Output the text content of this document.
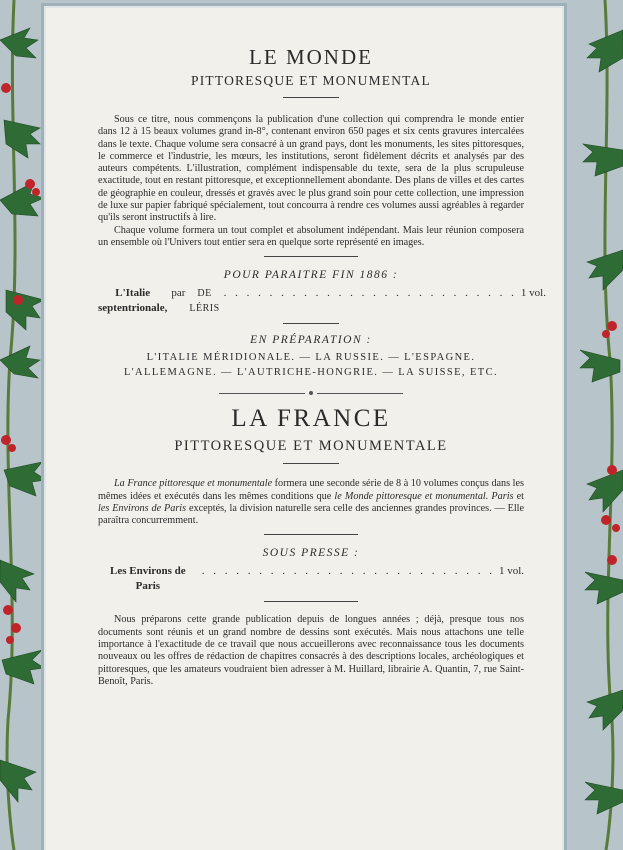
LE MONDE

PITTORESQUE ET MONUMENTAL

Sous ce titre, nous commençons la publication d'une collection qui comprendra le monde entier dans 12 à 15 beaux volumes grand in-8°, contenant environ 650 pages et six cents gravures intercalées dans le texte. Chaque volume sera consacré à un grand pays, dont les monuments, les sites pittoresques, le commerce et l'industrie, les mœurs, les institutions, seront fidèlement décrits et analysés par des auteurs compétents. L'illustration, complément indispensable du texte, sera de la plus scrupuleuse exactitude, tout en restant pittoresque, et exceptionnellement abondante. Des plans de villes et des cartes de géographie en couleur, dressés et gravés avec le plus grand soin pour cette collection, une impression de luxe sur papier fabriqué spécialement, tout concourra à rendre ces volumes aussi agréables à regarder qu'ils seront instructifs à lire.

Chaque volume formera un tout complet et absolument indépendant. Mais leur réunion composera un ensemble où l'Univers tout entier sera en quelque sorte représenté en images.

POUR PARAITRE FIN 1886 :

L'Italie septentrionale,
par	DE LÉRIS
. . . . . . . . . . . . . . . . . . . . . . . . . . 1 vol.

EN PRÉPARATION :

L'ITALIE MÉRIDIONALE. — LA RUSSIE. — L'ESPAGNE.

L'ALLEMAGNE. — L'AUTRICHE-HONGRIE. — LA SUISSE, ETC.

LA FRANCE

PITTORESQUE ET MONUMENTALE

La France pittoresque et monumentale formera une seconde série de 8 à 10 volumes conçus dans les mêmes idées et exécutés dans les mêmes conditions que le Monde pittoresque et monumental. Paris et les Environs de Paris exceptés, la division naturelle sera celle des anciennes grandes provinces. — Elle paraîtra concurremment.

SOUS PRESSE :

Les Environs de Paris
. . . . . . . . . . . . . . . . . . . . . . . . . . 1 vol.

Nous préparons cette grande publication depuis de longues années ; déjà, presque tous nos documents sont réunis et un grand nombre de dessins sont exécutés. Mais nous attachons une telle importance à l'exactitude de ce travail que nous accueillerons avec reconnaissance tous les documents nouveaux ou les offres de rédaction de chapitres consacrés à des descriptions locales, archéologiques et pittoresques, que les amateurs voudraient bien adresser à M. Huillard, librairie A. Quantin, 7, rue Saint-Benoît, Paris.
